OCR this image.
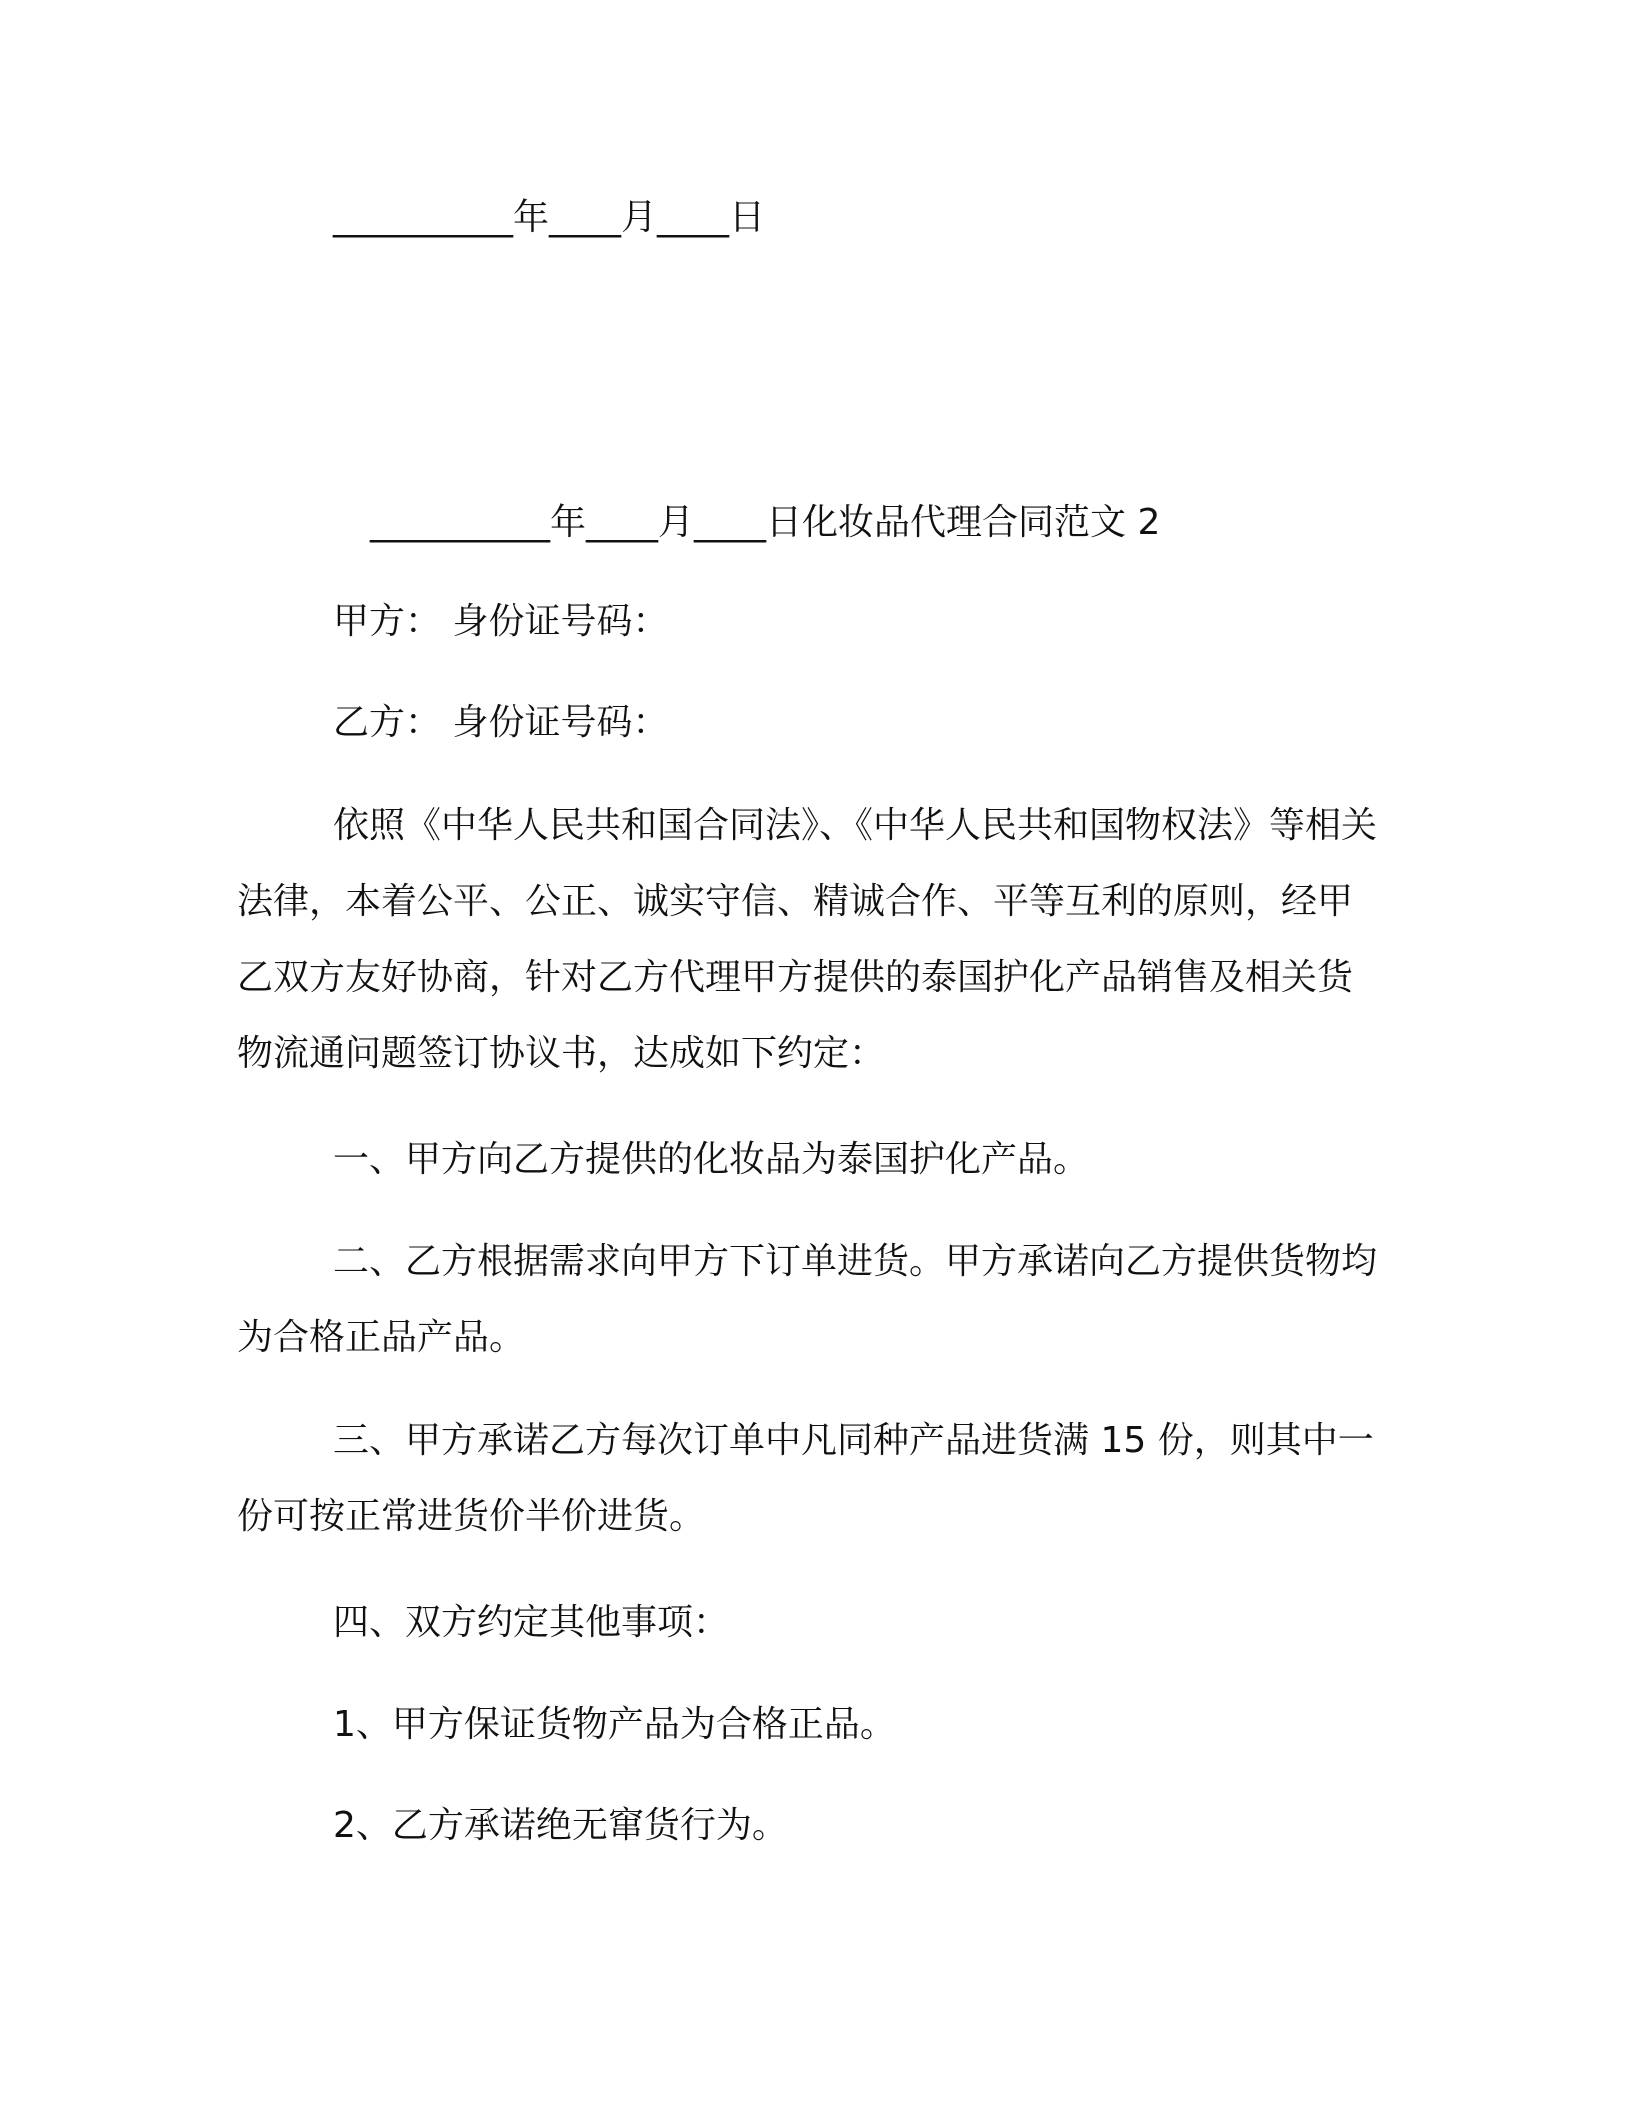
__________年____月____日
__________年____月____日化妆品代理合同范文 2
甲方： 身份证号码：
乙方： 身份证号码：
依照《中华人民共和国合同法》、《中华人民共和国物权法》等相关法律，本着公平、公正、诚实守信、精诚合作、平等互利的原则，经甲乙双方友好协商，针对乙方代理甲方提供的泰国护化产品销售及相关货物流通问题签订协议书，达成如下约定：
一、甲方向乙方提供的化妆品为泰国护化产品。
二、乙方根据需求向甲方下订单进货。甲方承诺向乙方提供货物均为合格正品产品。
三、甲方承诺乙方每次订单中凡同种产品进货满 15 份，则其中一份可按正常进货价半价进货。
四、双方约定其他事项：
1、甲方保证货物产品为合格正品。
2、乙方承诺绝无窜货行为。
